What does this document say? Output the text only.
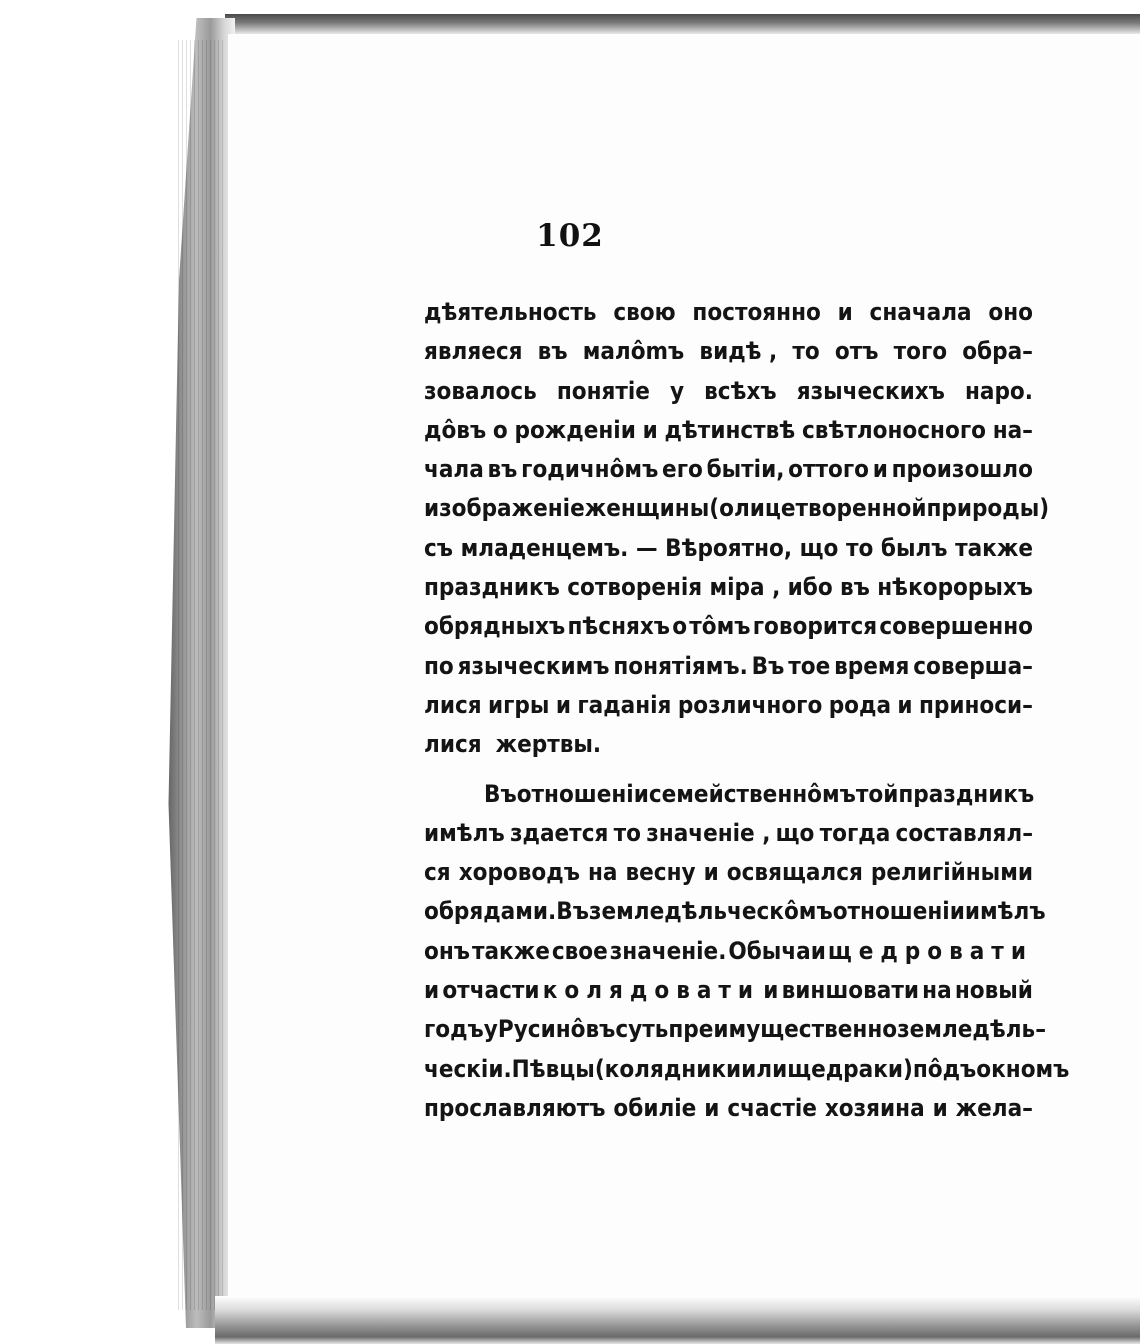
102
дѣятельность свою постоянно и сначала оно
являеся въ малômъ видѣ , то отъ того обра–
зовалось понятіе у всѣхъ языческихъ наро.
дôвъ о рожденіи и дѣтинствѣ свѣтлоносного на–
чала въ годичнôмъ его бытіи, оттого и произошло
изображеніе женщины (олицетворенной природы)
съ младенцемъ. — Вѣроятно, що то былъ также
праздникъ сотворенія міра , ибо въ нѣкорорыхъ
обрядныхъ пѣсняхъ о тôмъ говорится совершенно
по языческимъ понятіямъ. Въ тое время совершa–
лися игры и гаданія розличного рода и приноси–
лися жертвы.
Въ отношеніи семейственнôмъ той праздникъ
имѣлъ здается то значеніе , що тогда составлял–
ся хороводъ на весну и освящался религійными
обрядами. Въ земледѣльческôмъ отношеніи имѣлъ
онъ также свое значеніе. Обычаи щедровати
и отчасти колядовати и виншовати на новый
годъ у Русинôвъ суть преимущественно земледѣль–
ческіи. Пѣвцы (колядники или щедраки) пôдъ окномъ
прославляютъ обиліе и счастіе хозяина и жела–
